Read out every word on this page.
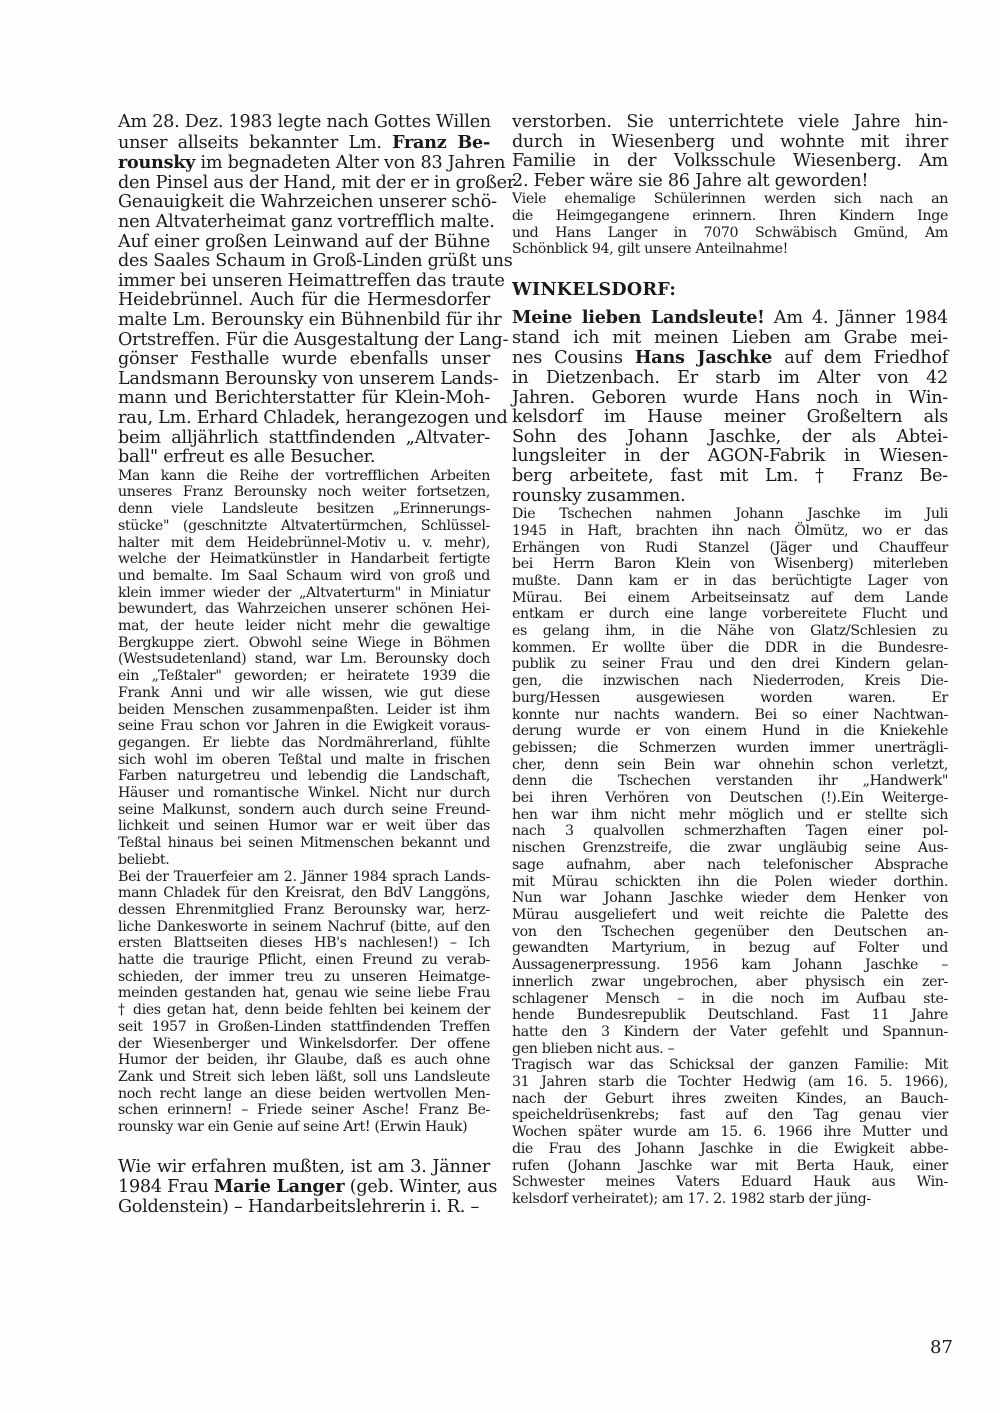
Am 28. Dez. 1983 legte nach Gottes Willen
unser allseits bekannter Lm. Franz Be-
rounsky im begnadeten Alter von 83 Jahren
den Pinsel aus der Hand, mit der er in großer
Genauigkeit die Wahrzeichen unserer schö-
nen Altvaterheimat ganz vortrefflich malte.
Auf einer großen Leinwand auf der Bühne
des Saales Schaum in Groß-Linden grüßt uns
immer bei unseren Heimattreffen das traute
Heidebrünnel. Auch für die Hermesdorfer
malte Lm. Berounsky ein Bühnenbild für ihr
Ortstreffen. Für die Ausgestaltung der Lang-
gönser Festhalle wurde ebenfalls unser
Landsmann Berounsky von unserem Lands-
mann und Berichterstatter für Klein-Moh-
rau, Lm. Erhard Chladek, herangezogen und
beim alljährlich stattfindenden „Altvater-
ball" erfreut es alle Besucher.
Man kann die Reihe der vortrefflichen Arbeiten
unseres Franz Berounsky noch weiter fortsetzen,
denn viele Landsleute besitzen „Erinnerungs-
stücke" (geschnitzte Altvatertürmchen, Schlüssel-
halter mit dem Heidebrünnel-Motiv u. v. mehr),
welche der Heimatkünstler in Handarbeit fertigte
und bemalte. Im Saal Schaum wird von groß und
klein immer wieder der „Altvaterturm" in Miniatur
bewundert, das Wahrzeichen unserer schönen Hei-
mat, der heute leider nicht mehr die gewaltige
Bergkuppe ziert. Obwohl seine Wiege in Böhmen
(Westsudetenland) stand, war Lm. Berounsky doch
ein „Teßtaler" geworden; er heiratete 1939 die
Frank Anni und wir alle wissen, wie gut diese
beiden Menschen zusammenpaßten. Leider ist ihm
seine Frau schon vor Jahren in die Ewigkeit voraus-
gegangen. Er liebte das Nordmährerland, fühlte
sich wohl im oberen Teßtal und malte in frischen
Farben naturgetreu und lebendig die Landschaft,
Häuser und romantische Winkel. Nicht nur durch
seine Malkunst, sondern auch durch seine Freund-
lichkeit und seinen Humor war er weit über das
Teßtal hinaus bei seinen Mitmenschen bekannt und
beliebt.
Bei der Trauerfeier am 2. Jänner 1984 sprach Lands-
mann Chladek für den Kreisrat, den BdV Langgöns,
dessen Ehrenmitglied Franz Berounsky war, herz-
liche Dankesworte in seinem Nachruf (bitte, auf den
ersten Blattseiten dieses HB's nachlesen!) – Ich
hatte die traurige Pflicht, einen Freund zu verab-
schieden, der immer treu zu unseren Heimatge-
meinden gestanden hat, genau wie seine liebe Frau
† dies getan hat, denn beide fehlten bei keinem der
seit 1957 in Großen-Linden stattfindenden Treffen
der Wiesenberger und Winkelsdorfer. Der offene
Humor der beiden, ihr Glaube, daß es auch ohne
Zank und Streit sich leben läßt, soll uns Landsleute
noch recht lange an diese beiden wertvollen Men-
schen erinnern! – Friede seiner Asche! Franz Be-
rounsky war ein Genie auf seine Art! (Erwin Hauk)
Wie wir erfahren mußten, ist am 3. Jänner
1984 Frau Marie Langer (geb. Winter, aus
Goldenstein) – Handarbeitslehrerin i. R. –
verstorben. Sie unterrichtete viele Jahre hin-
durch in Wiesenberg und wohnte mit ihrer
Familie in der Volksschule Wiesenberg. Am
2. Feber wäre sie 86 Jahre alt geworden!
Viele ehemalige Schülerinnen werden sich nach an
die Heimgegangene erinnern. Ihren Kindern Inge
und Hans Langer in 7070 Schwäbisch Gmünd, Am
Schönblick 94, gilt unsere Anteilnahme!

WINKELSDORF:

Meine lieben Landsleute! Am 4. Jänner 1984
stand ich mit meinen Lieben am Grabe mei-
nes Cousins Hans Jaschke auf dem Friedhof
in Dietzenbach. Er starb im Alter von 42
Jahren. Geboren wurde Hans noch in Win-
kelsdorf im Hause meiner Großeltern als
Sohn des Johann Jaschke, der als Abtei-
lungsleiter in der AGON-Fabrik in Wiesen-
berg arbeitete, fast mit Lm. † Franz Be-
rounsky zusammen.
Die Tschechen nahmen Johann Jaschke im Juli
1945 in Haft, brachten ihn nach Ölmütz, wo er das
Erhängen von Rudi Stanzel (Jäger und Chauffeur
bei Herrn Baron Klein von Wisenberg) miterleben
mußte. Dann kam er in das berüchtigte Lager von
Mürau. Bei einem Arbeitseinsatz auf dem Lande
entkam er durch eine lange vorbereitete Flucht und
es gelang ihm, in die Nähe von Glatz/Schlesien zu
kommen. Er wollte über die DDR in die Bundesre-
publik zu seiner Frau und den drei Kindern gelan-
gen, die inzwischen nach Niederroden, Kreis Die-
burg/Hessen ausgewiesen worden waren. Er
konnte nur nachts wandern. Bei so einer Nachtwan-
derung wurde er von einem Hund in die Kniekehle
gebissen; die Schmerzen wurden immer unerträgli-
cher, denn sein Bein war ohnehin schon verletzt,
denn die Tschechen verstanden ihr „Handwerk"
bei ihren Verhören von Deutschen (!).Ein Weiterge-
hen war ihm nicht mehr möglich und er stellte sich
nach 3 qualvollen schmerzhaften Tagen einer pol-
nischen Grenzstreife, die zwar ungläubig seine Aus-
sage aufnahm, aber nach telefonischer Absprache
mit Mürau schickten ihn die Polen wieder dorthin.
Nun war Johann Jaschke wieder dem Henker von
Mürau ausgeliefert und weit reichte die Palette des
von den Tschechen gegenüber den Deutschen an-
gewandten Martyrium, in bezug auf Folter und
Aussagenerpressung. 1956 kam Johann Jaschke –
innerlich zwar ungebrochen, aber physisch ein zer-
schlagener Mensch – in die noch im Aufbau ste-
hende Bundesrepublik Deutschland. Fast 11 Jahre
hatte den 3 Kindern der Vater gefehlt und Spannun-
gen blieben nicht aus. –
Tragisch war das Schicksal der ganzen Familie: Mit
31 Jahren starb die Tochter Hedwig (am 16. 5. 1966),
nach der Geburt ihres zweiten Kindes, an Bauch-
speicheldrüsenkrebs; fast auf den Tag genau vier
Wochen später wurde am 15. 6. 1966 ihre Mutter und
die Frau des Johann Jaschke in die Ewigkeit abbe-
rufen (Johann Jaschke war mit Berta Hauk, einer
Schwester meines Vaters Eduard Hauk aus Win-
kelsdorf verheiratet); am 17. 2. 1982 starb der jüng-
87
